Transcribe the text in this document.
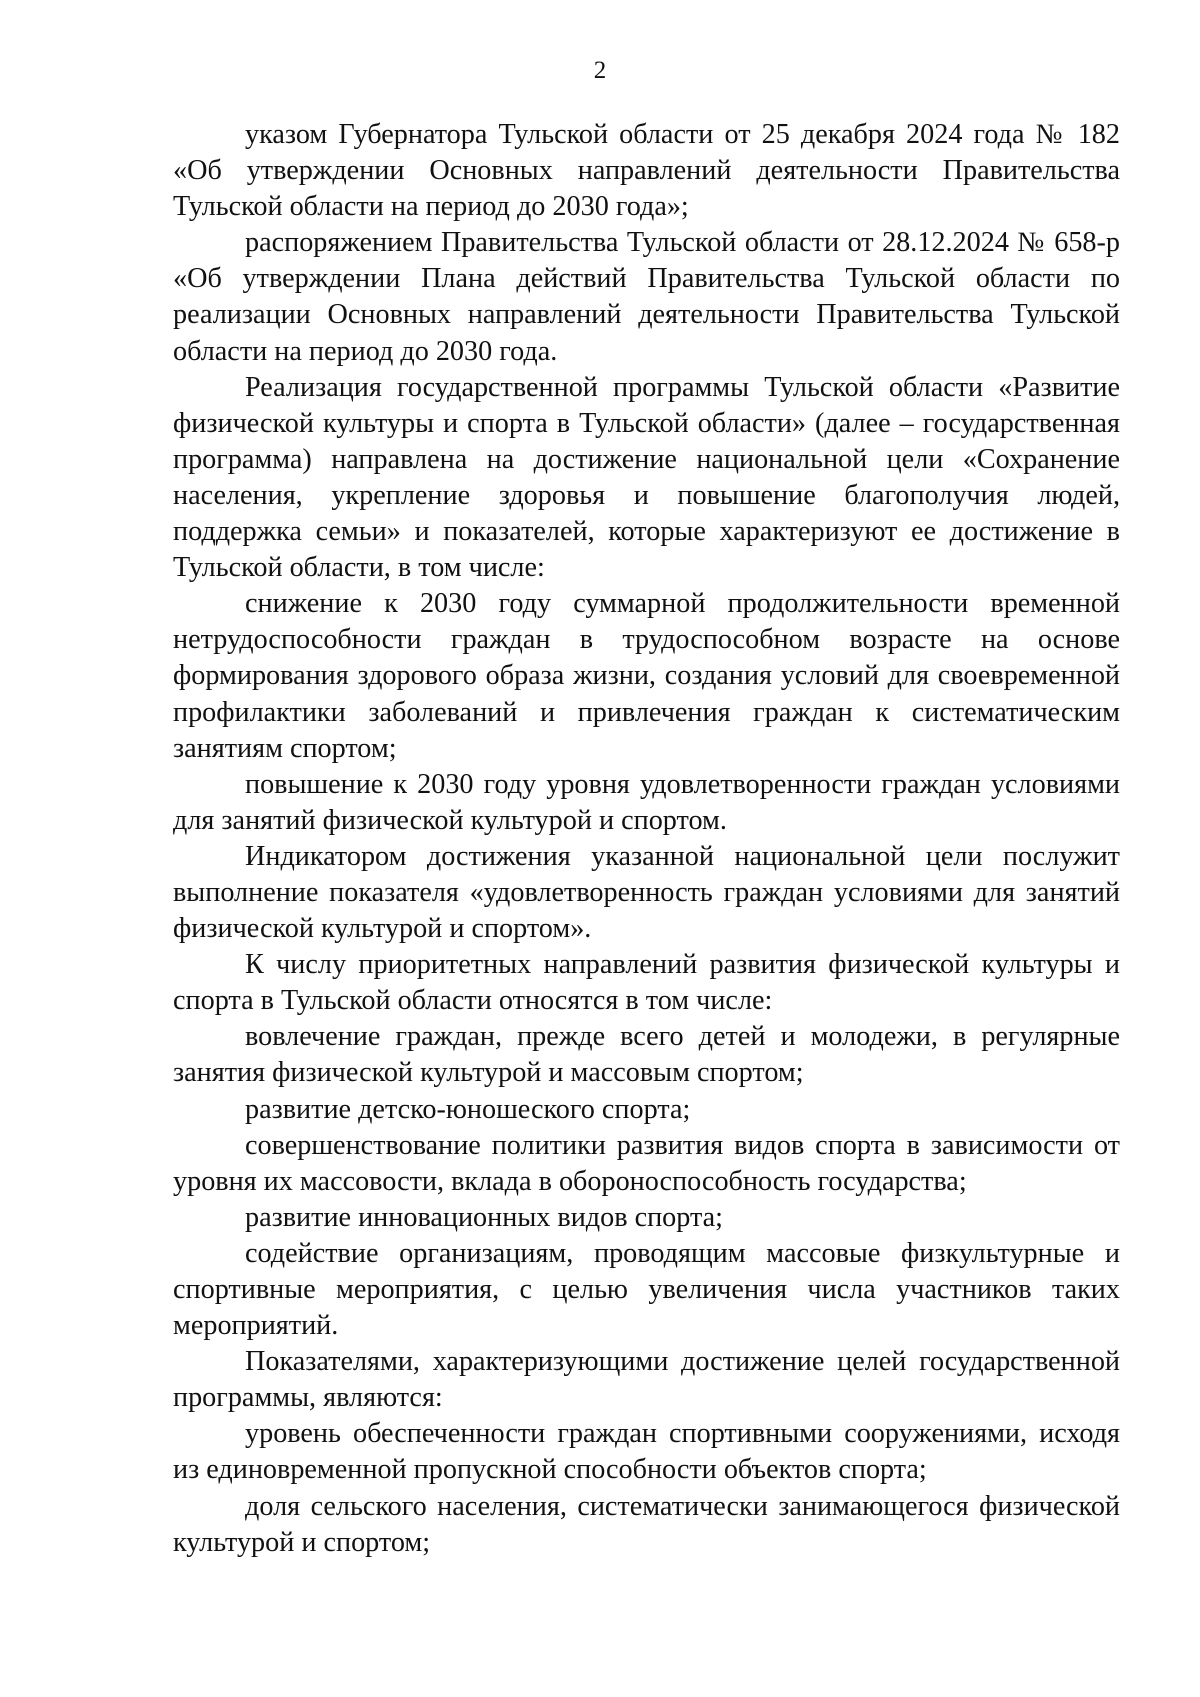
2

указом Губернатора Тульской области от 25 декабря 2024 года № 182 «Об утверждении Основных направлений деятельности Правительства Тульской области на период до 2030 года»;

распоряжением Правительства Тульской области от 28.12.2024 № 658-р «Об утверждении Плана действий Правительства Тульской области по реализации Основных направлений деятельности Правительства Тульской области на период до 2030 года.

Реализация государственной программы Тульской области «Развитие физической культуры и спорта в Тульской области» (далее – государственная программа) направлена на достижение национальной цели «Сохранение населения, укрепление здоровья и повышение благополучия людей, поддержка семьи» и показателей, которые характеризуют ее достижение в Тульской области, в том числе:

снижение к 2030 году суммарной продолжительности временной нетрудоспособности граждан в трудоспособном возрасте на основе формирования здорового образа жизни, создания условий для своевременной профилактики заболеваний и привлечения граждан к систематическим занятиям спортом;

повышение к 2030 году уровня удовлетворенности граждан условиями для занятий физической культурой и спортом.

Индикатором достижения указанной национальной цели послужит выполнение показателя «удовлетворенность граждан условиями для занятий физической культурой и спортом».

К числу приоритетных направлений развития физической культуры и спорта в Тульской области относятся в том числе:

вовлечение граждан, прежде всего детей и молодежи, в регулярные занятия физической культурой и массовым спортом;

развитие детско-юношеского спорта;

совершенствование политики развития видов спорта в зависимости от уровня их массовости, вклада в обороноспособность государства;

развитие инновационных видов спорта;

содействие организациям, проводящим массовые физкультурные и спортивные мероприятия, с целью увеличения числа участников таких мероприятий.

Показателями, характеризующими достижение целей государственной программы, являются:

уровень обеспеченности граждан спортивными сооружениями, исходя из единовременной пропускной способности объектов спорта;

доля сельского населения, систематически занимающегося физической культурой и спортом;
